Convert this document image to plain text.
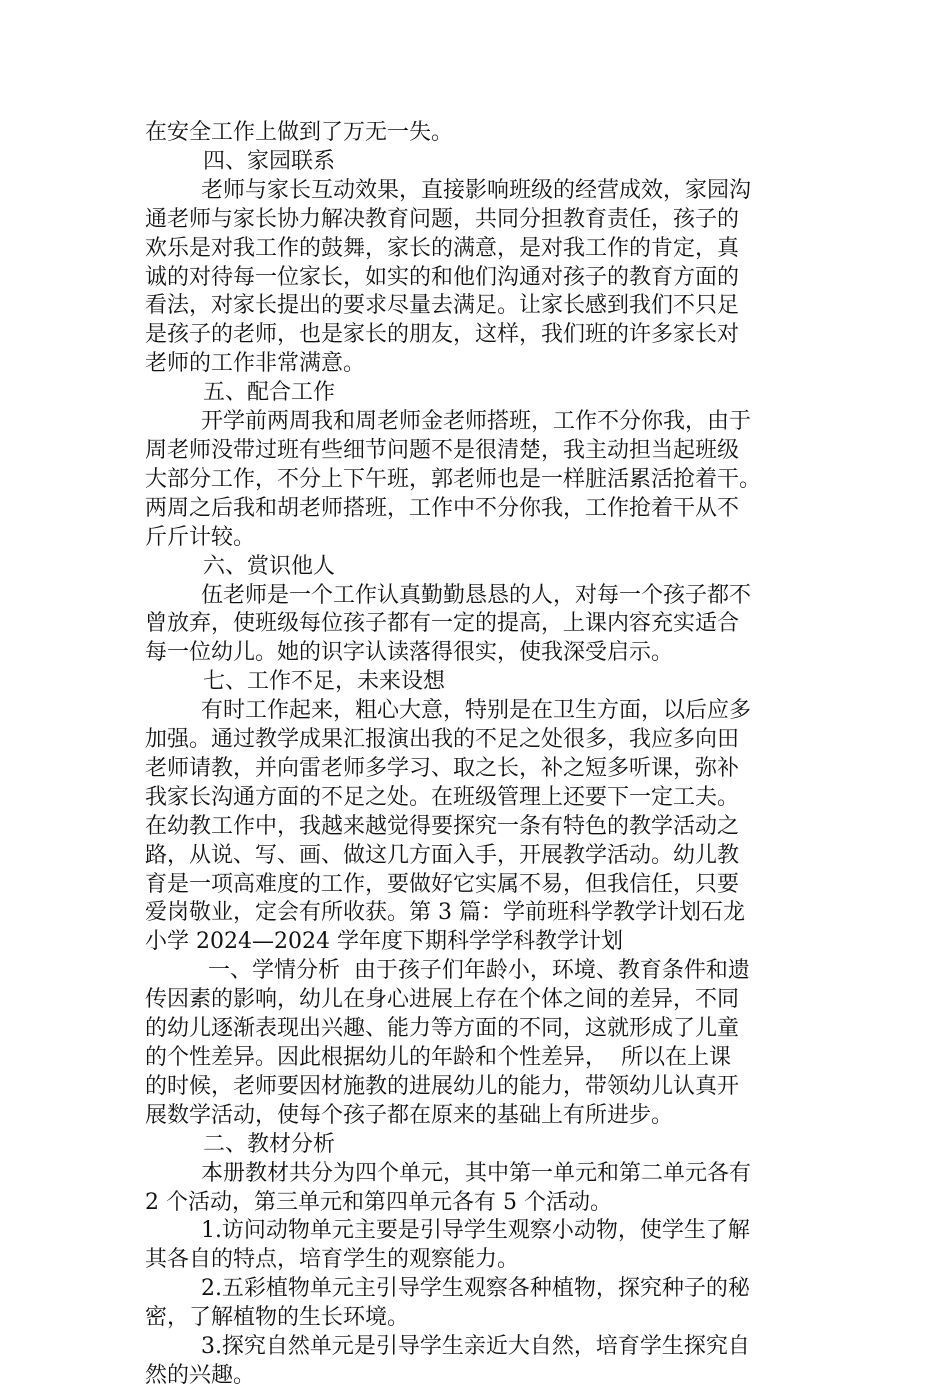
在安全工作上做到了万无一失。
四、家园联系
老师与家长互动效果，直接影响班级的经营成效，家园沟
通老师与家长协力解决教育问题，共同分担教育责任，孩子的
欢乐是对我工作的鼓舞，家长的满意，是对我工作的肯定，真
诚的对待每一位家长，如实的和他们沟通对孩子的教育方面的
看法，对家长提出的要求尽量去满足。让家长感到我们不只足
是孩子的老师，也是家长的朋友，这样，我们班的许多家长对
老师的工作非常满意。
五、配合工作
开学前两周我和周老师金老师搭班，工作不分你我，由于
周老师没带过班有些细节问题不是很清楚，我主动担当起班级
大部分工作，不分上下午班，郭老师也是一样脏活累活抢着干。
两周之后我和胡老师搭班，工作中不分你我，工作抢着干从不
斤斤计较。
六、赏识他人
伍老师是一个工作认真勤勤恳恳的人，对每一个孩子都不
曾放弃，使班级每位孩子都有一定的提高，上课内容充实适合
每一位幼儿。她的识字认读落得很实，使我深受启示。
七、工作不足，未来设想
有时工作起来，粗心大意，特别是在卫生方面，以后应多
加强。通过教学成果汇报演出我的不足之处很多，我应多向田
老师请教，并向雷老师多学习、取之长，补之短多听课，弥补
我家长沟通方面的不足之处。在班级管理上还要下一定工夫。
在幼教工作中，我越来越觉得要探究一条有特色的教学活动之
路，从说、写、画、做这几方面入手，开展教学活动。幼儿教
育是一项高难度的工作，要做好它实属不易，但我信任，只要
爱岗敬业，定会有所收获。第 3 篇：学前班科学教学计划石龙
小学 2024—2024 学年度下期科学学科教学计划
一、学情分析  由于孩子们年龄小，环境、教育条件和遗
传因素的影响，幼儿在身心进展上存在个体之间的差异，不同
的幼儿逐渐表现出兴趣、能力等方面的不同，这就形成了儿童
的个性差异。因此根据幼儿的年龄和个性差异，  所以在上课
的时候，老师要因材施教的进展幼儿的能力，带领幼儿认真开
展数学活动，使每个孩子都在原来的基础上有所进步。
二、教材分析
本册教材共分为四个单元，其中第一单元和第二单元各有
2 个活动，第三单元和第四单元各有 5 个活动。
1.访问动物单元主要是引导学生观察小动物，使学生了解
其各自的特点，培育学生的观察能力。
2.五彩植物单元主引导学生观察各种植物，探究种子的秘
密，了解植物的生长环境。
3.探究自然单元是引导学生亲近大自然，培育学生探究自
然的兴趣。
